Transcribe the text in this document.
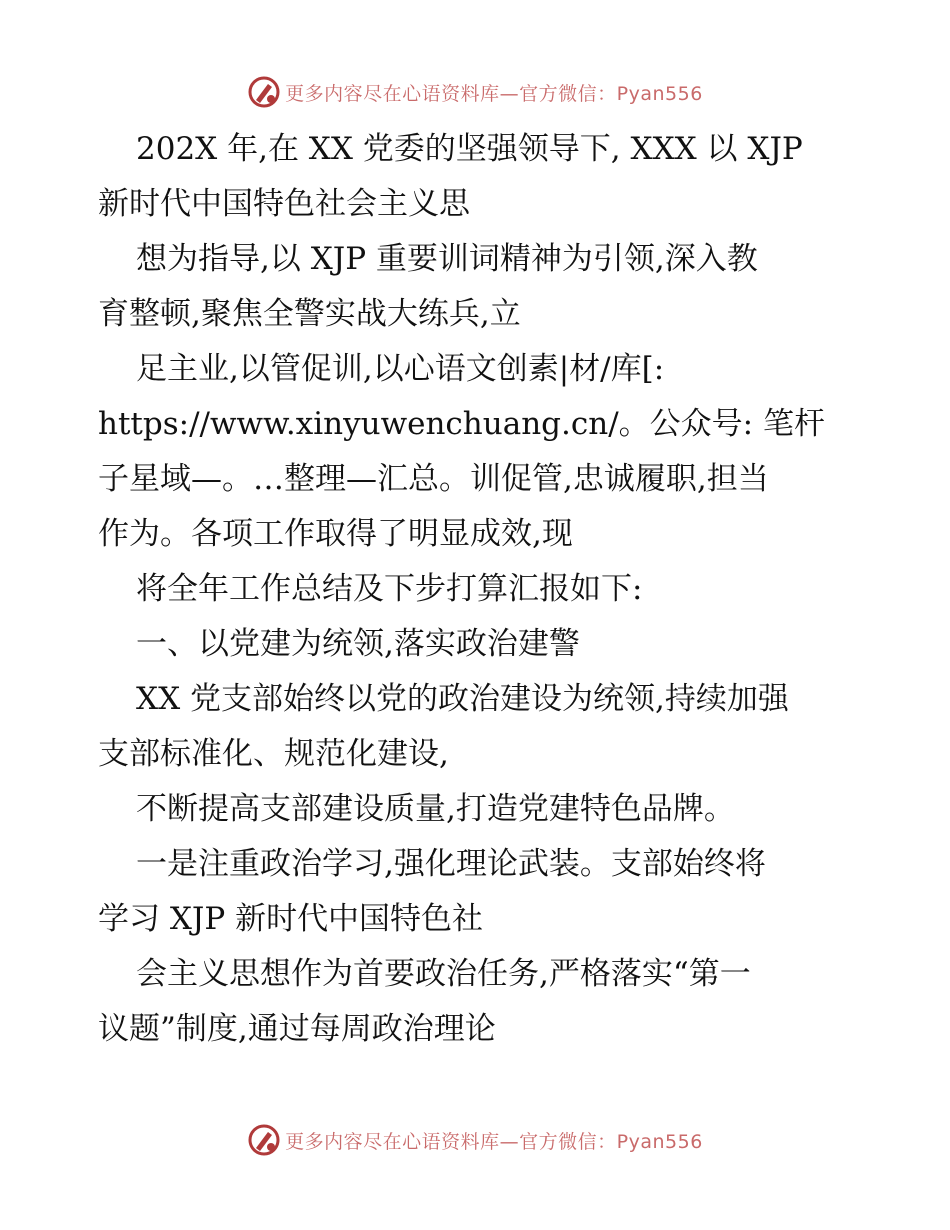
更多内容尽在心语资料库—官方微信：Pyan556
202X 年,在 XX 党委的坚强领导下, XXX 以 XJP
新时代中国特色社会主义思
想为指导,以 XJP 重要训词精神为引领,深入教
育整顿,聚焦全警实战大练兵,立
足主业,以管促训,以心语文创素|材/库[:
https://www.xinyuwenchuang.cn/。公众号: 笔杆
子星域—。…整理—汇总。训促管,忠诚履职,担当
作为。各项工作取得了明显成效,现
将全年工作总结及下步打算汇报如下:
一、以党建为统领,落实政治建警
XX 党支部始终以党的政治建设为统领,持续加强
支部标准化、规范化建设,
不断提高支部建设质量,打造党建特色品牌。
一是注重政治学习,强化理论武装。支部始终将
学习 XJP 新时代中国特色社
会主义思想作为首要政治任务,严格落实“第一
议题”制度,通过每周政治理论
更多内容尽在心语资料库—官方微信：Pyan556
